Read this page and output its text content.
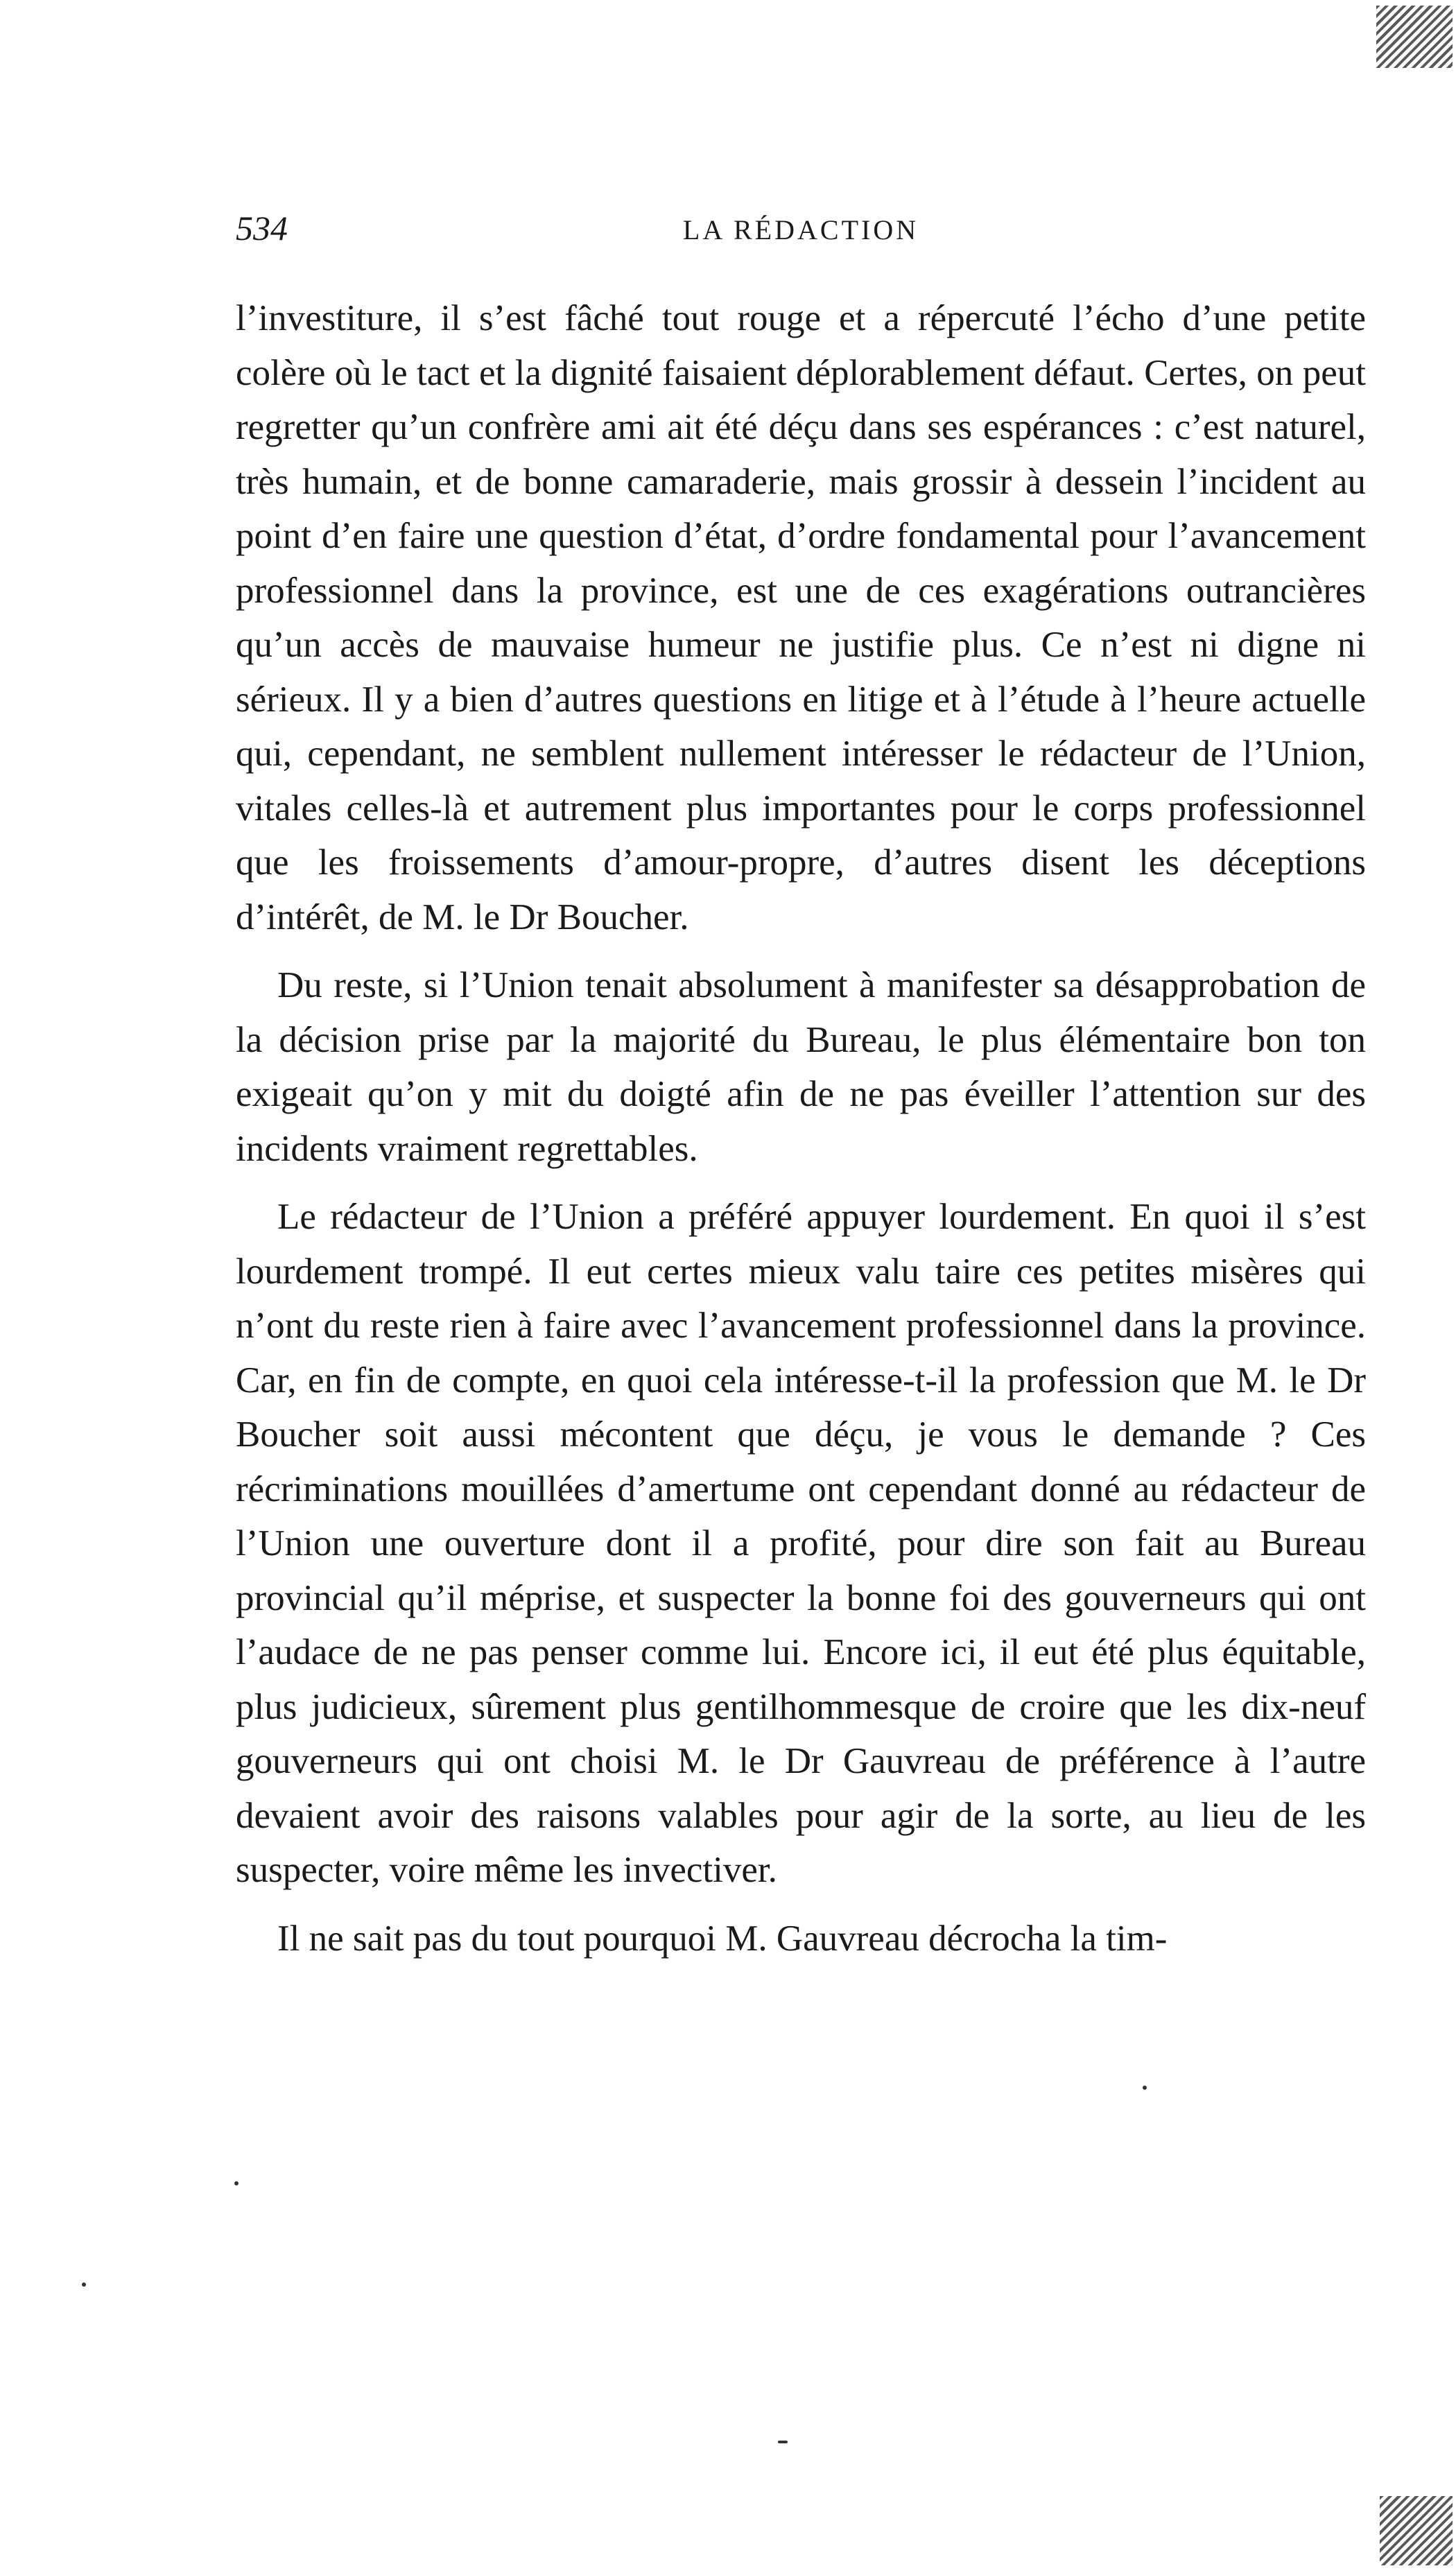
534	LA RÉDACTION

l’investiture, il s’est fâché tout rouge et a répercuté l’écho d’une petite colère où le tact et la dignité faisaient déplorablement défaut. Certes, on peut regretter qu’un confrère ami ait été déçu dans ses espérances : c’est naturel, très humain, et de bonne camaraderie, mais grossir à dessein l’incident au point d’en faire une question d’état, d’ordre fondamental pour l’avancement professionnel dans la province, est une de ces exagérations outrancières qu’un accès de mauvaise humeur ne justifie plus. Ce n’est ni digne ni sérieux. Il y a bien d’autres questions en litige et à l’étude à l’heure actuelle qui, cependant, ne semblent nullement intéresser le rédacteur de l’Union, vitales celles-là et autrement plus importantes pour le corps professionnel que les froissements d’amour-propre, d’autres disent les déceptions d’intérêt, de M. le Dr Boucher.

Du reste, si l’Union tenait absolument à manifester sa désapprobation de la décision prise par la majorité du Bureau, le plus élémentaire bon ton exigeait qu’on y mit du doigté afin de ne pas éveiller l’attention sur des incidents vraiment regrettables.

Le rédacteur de l’Union a préféré appuyer lourdement. En quoi il s’est lourdement trompé. Il eut certes mieux valu taire ces petites misères qui n’ont du reste rien à faire avec l’avancement professionnel dans la province. Car, en fin de compte, en quoi cela intéresse-t-il la profession que M. le Dr Boucher soit aussi mécontent que déçu, je vous le demande ? Ces récriminations mouillées d’amertume ont cependant donné au rédacteur de l’Union une ouverture dont il a profité, pour dire son fait au Bureau provincial qu’il méprise, et suspecter la bonne foi des gouverneurs qui ont l’audace de ne pas penser comme lui. Encore ici, il eut été plus équitable, plus judicieux, sûrement plus gentilhommesque de croire que les dix-neuf gouverneurs qui ont choisi M. le Dr Gauvreau de préférence à l’autre devaient avoir des raisons valables pour agir de la sorte, au lieu de les suspecter, voire même les invectiver.

Il ne sait pas du tout pourquoi M. Gauvreau décrocha la tim-
